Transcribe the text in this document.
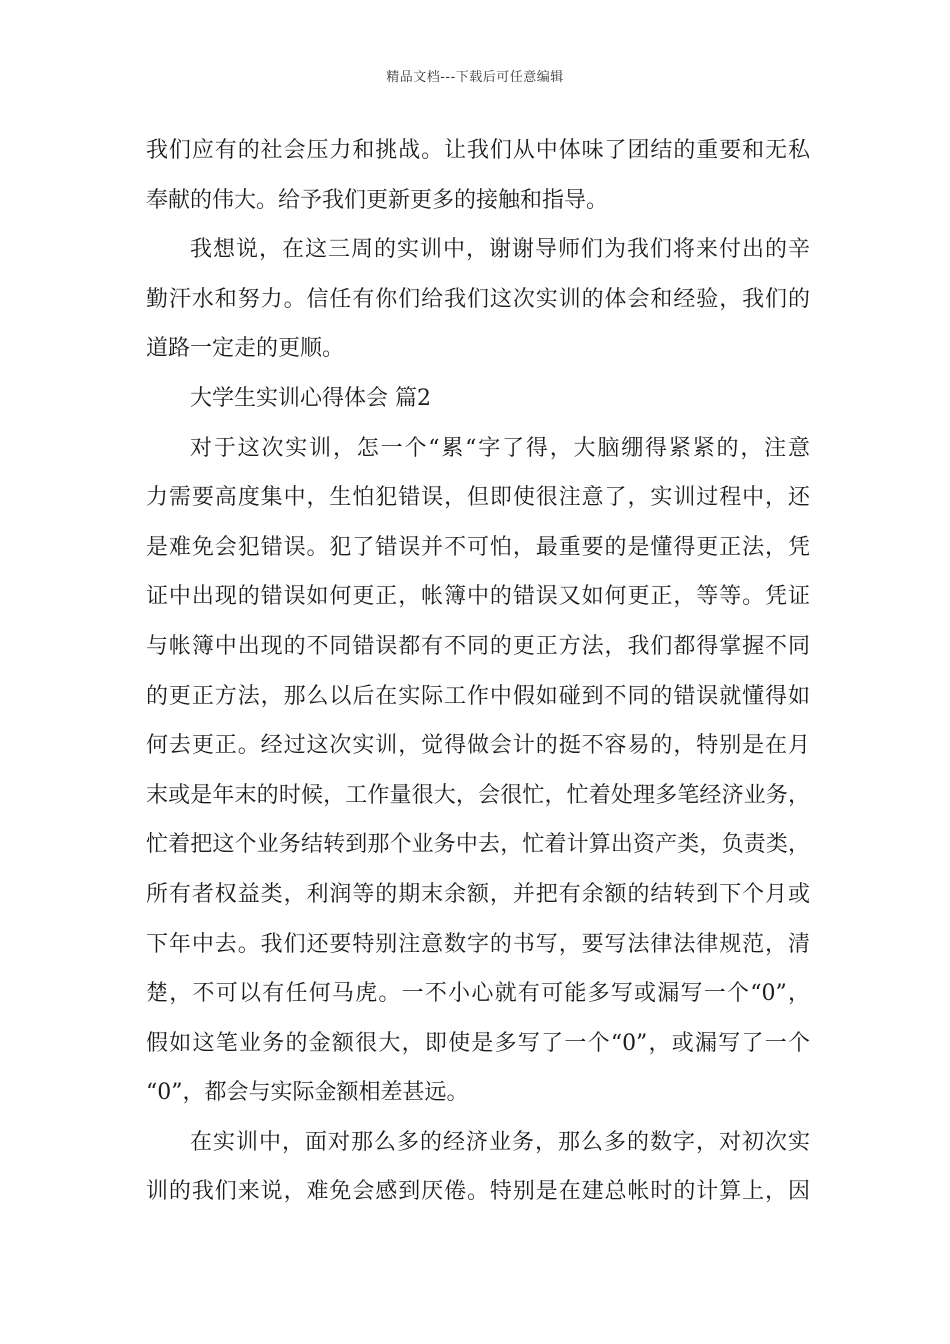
精品文档---下载后可任意编辑
我们应有的社会压力和挑战。让我们从中体味了团结的重要和无私
奉献的伟大。给予我们更新更多的接触和指导。
我想说，在这三周的实训中，谢谢导师们为我们将来付出的辛
勤汗水和努力。信任有你们给我们这次实训的体会和经验，我们的
道路一定走的更顺。
大学生实训心得体会 篇2
对于这次实训，怎一个“累“字了得，大脑绷得紧紧的，注意
力需要高度集中，生怕犯错误，但即使很注意了，实训过程中，还
是难免会犯错误。犯了错误并不可怕，最重要的是懂得更正法，凭
证中出现的错误如何更正，帐簿中的错误又如何更正，等等。凭证
与帐簿中出现的不同错误都有不同的更正方法，我们都得掌握不同
的更正方法，那么以后在实际工作中假如碰到不同的错误就懂得如
何去更正。经过这次实训，觉得做会计的挺不容易的，特别是在月
末或是年末的时候，工作量很大，会很忙，忙着处理多笔经济业务，
忙着把这个业务结转到那个业务中去，忙着计算出资产类，负责类，
所有者权益类，利润等的期末余额，并把有余额的结转到下个月或
下年中去。我们还要特别注意数字的书写，要写法律法律规范，清
楚，不可以有任何马虎。一不小心就有可能多写或漏写一个“0”，
假如这笔业务的金额很大，即使是多写了一个“0”，或漏写了一个
“0”，都会与实际金额相差甚远。
在实训中，面对那么多的经济业务，那么多的数字，对初次实
训的我们来说，难免会感到厌倦。特别是在建总帐时的计算上，因
